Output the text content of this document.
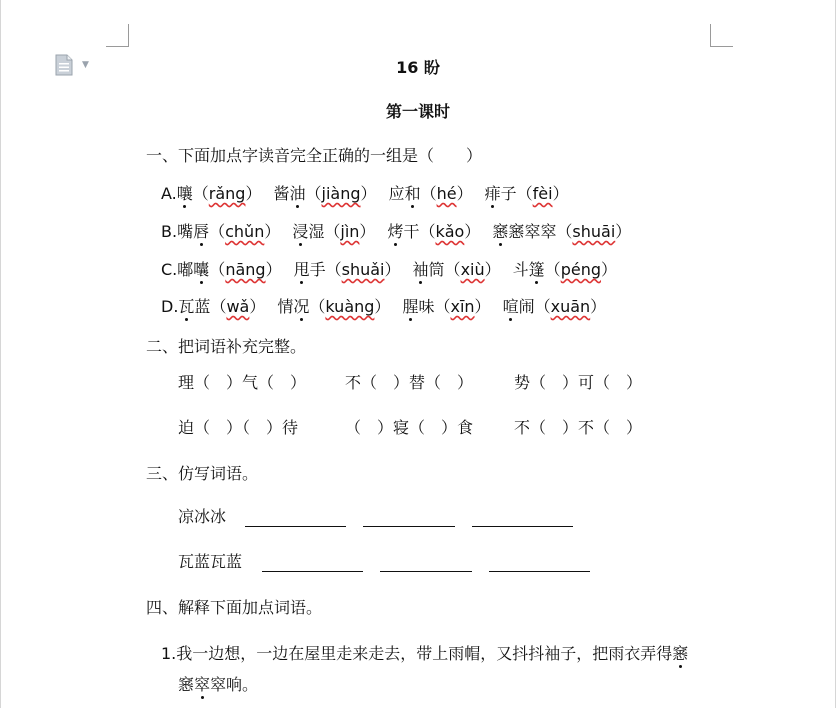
▼	16 盼
第一课时
一、下面加点字读音完全正确的一组是（　　）
A.嚷（rǎng） 酱油（jiàng） 应和（hé） 痱子（fèi）
B.嘴唇（chǔn） 浸湿（jìn） 烤干（kǎo） 窸窸窣窣（shuāi）
C.嘟囔（nāng） 甩手（shuǎi） 袖筒（xiù） 斗篷（péng）
D.瓦蓝（wǎ） 情况（kuàng） 腥味（xīn） 喧闹（xuān）
二、把词语补充完整。
理（　）气（　） 不（　）替（　）	势（　）可（　）
迫（　）（　）待	（　）寝（　）食	不（　）不（　）
三、仿写词语。
凉冰冰
瓦蓝瓦蓝
四、解释下面加点词语。
1.我一边想，一边在屋里走来走去，带上雨帽，又抖抖袖子，把雨衣弄得窸
窸窣窣响。
